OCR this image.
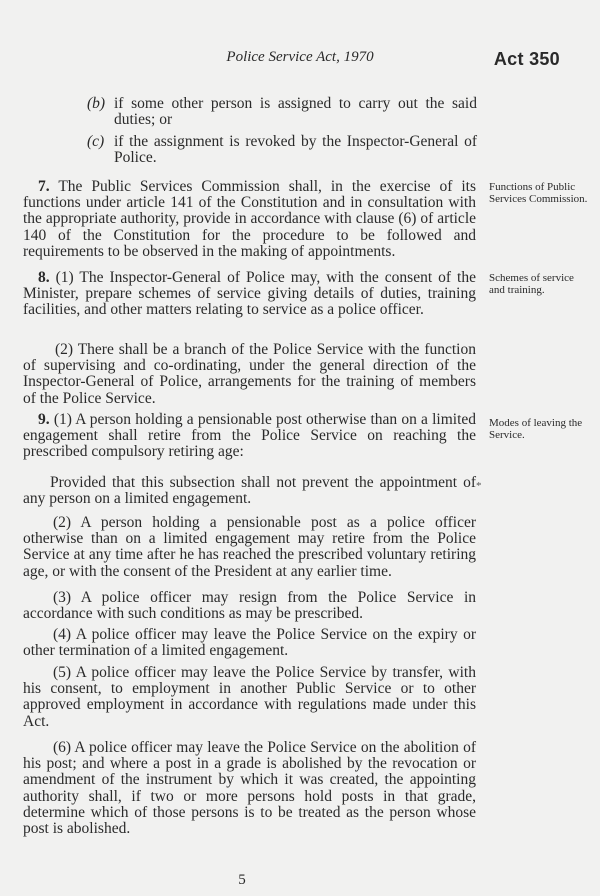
Police Service Act, 1970	Act 350
(b) if some other person is assigned to carry out the said duties; or
(c) if the assignment is revoked by the Inspector-General of Police.
7. The Public Services Commission shall, in the exercise of its functions under article 141 of the Constitution and in consultation with the appropriate authority, provide in accordance with clause (6) of article 140 of the Constitution for the procedure to be followed and requirements to be observed in the making of appointments.
Functions of Public Services Commission.
8. (1) The Inspector-General of Police may, with the consent of the Minister, prepare schemes of service giving details of duties, training facilities, and other matters relating to service as a police officer.
Schemes of service and training.
(2) There shall be a branch of the Police Service with the function of supervising and co-ordinating, under the general direction of the Inspector-General of Police, arrangements for the training of members of the Police Service.
9. (1) A person holding a pensionable post otherwise than on a limited engagement shall retire from the Police Service on reaching the prescribed compulsory retiring age:
Modes of leaving the Service.
Provided that this subsection shall not prevent the appointment of any person on a limited engagement.
*
(2) A person holding a pensionable post as a police officer otherwise than on a limited engagement may retire from the Police Service at any time after he has reached the prescribed voluntary retiring age, or with the consent of the President at any earlier time.
(3) A police officer may resign from the Police Service in accordance with such conditions as may be prescribed.
(4) A police officer may leave the Police Service on the expiry or other termination of a limited engagement.
(5) A police officer may leave the Police Service by transfer, with his consent, to employment in another Public Service or to other approved employment in accordance with regulations made under this Act.
(6) A police officer may leave the Police Service on the abolition of his post; and where a post in a grade is abolished by the revocation or amendment of the instrument by which it was created, the appointing authority shall, if two or more persons hold posts in that grade, determine which of those persons is to be treated as the person whose post is abolished.
5
